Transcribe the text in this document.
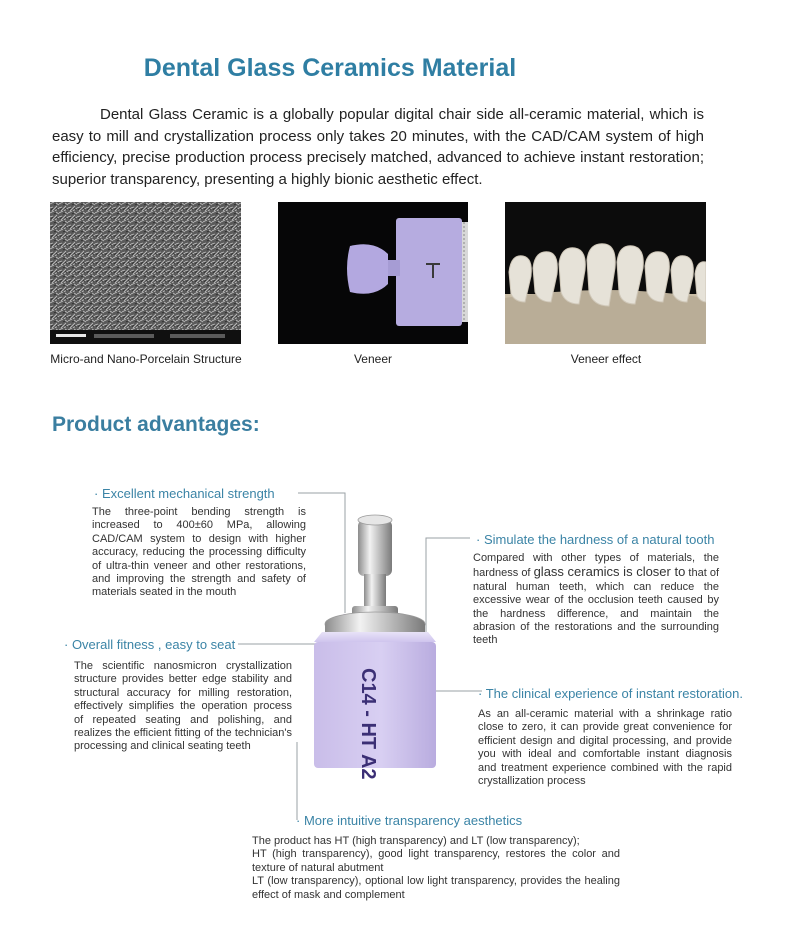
Dental Glass Ceramics Material

Dental Glass Ceramic is a globally popular digital chair side all-ceramic material, which is easy to mill and crystallization process only takes 20 minutes, with the CAD/CAM system of high efficiency, precise production process precisely matched, advanced to achieve instant restoration; superior transparency, presenting a highly bionic aesthetic effect.

Micro-and Nano-Porcelain Structure	Veneer	Veneer effect
Product advantages:
· Excellent mechanical strength
The three-point bending strength is increased to 400±60 MPa, allowing CAD/CAM system to design with higher accuracy, reducing the processing difficulty of ultra-thin veneer and other restorations, and improving the strength and safety of materials seated in the mouth
· Overall fitness , easy to seat
The scientific nanosmicron crystallization structure provides better edge stability and structural accuracy for milling restoration, effectively simplifies the operation process of repeated seating and polishing, and realizes the efficient fitting of the technician's processing and clinical seating teeth
· Simulate the hardness of a natural tooth
Compared with other types of materials, the hardness of glass ceramics is closer to that of natural human teeth, which can reduce the excessive wear of the occlusion teeth caused by the hardness difference, and maintain the abrasion of the restorations and the surrounding teeth
· The clinical experience of instant restoration.
As an all-ceramic material with a shrinkage ratio close to zero, it can provide great convenience for efficient design and digital processing, and provide you with ideal and comfortable instant diagnosis and treatment experience combined with the rapid crystallization process
· More intuitive transparency aesthetics
The product has HT (high transparency) and LT (low transparency);
HT (high transparency), good light transparency, restores the color and texture of natural abutment
LT (low transparency), optional low light transparency, provides the healing effect of mask and complement
C14 - HT A2
